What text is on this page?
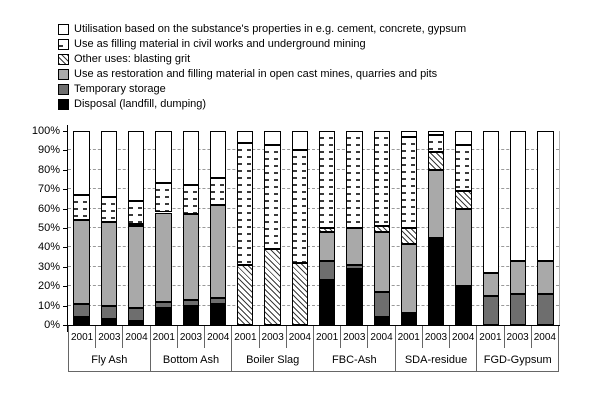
Utilisation based on the substance's properties in e.g. cement, concrete, gypsum
Use as filling material in civil works and underground mining
Other uses: blasting grit
Use as restoration and filling material in open cast mines, quarries and pits
Temporary storage
Disposal (landfill, dumping)
0%
10%
20%
30%
40%
50%
60%
70%
80%
90%
100%
2001 2003 2004 2001 2003 2004 2001 2003 2004 2001 2003 2004 2001 2003 2004 2001 2003 2004
Fly Ash	Bottom Ash	Boiler Slag	FBC-Ash	SDA-residue	FGD-Gypsum
